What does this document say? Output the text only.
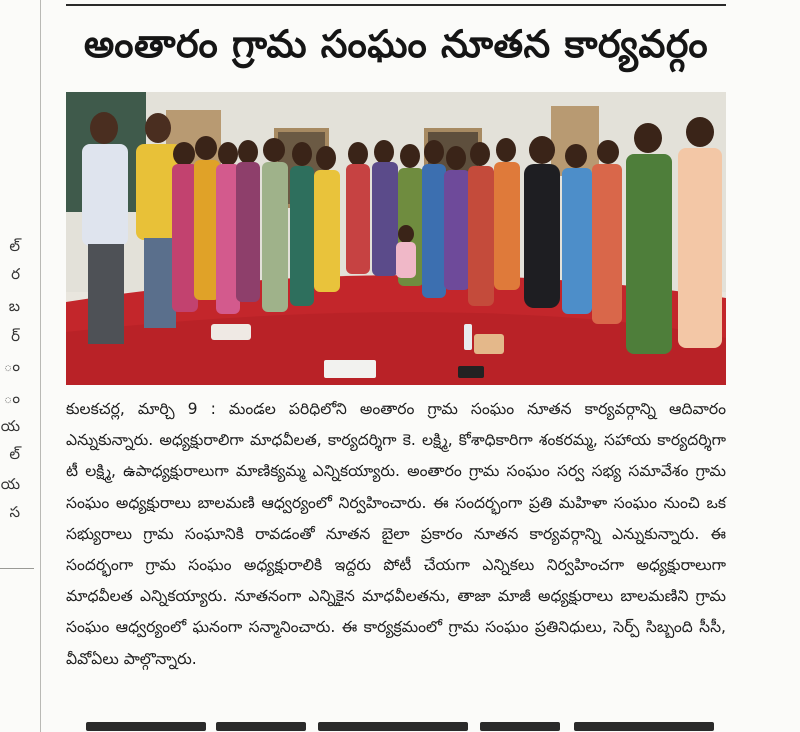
ల్
ర
బ
ర్
ం
ం
య
ల్
య
స
అంతారం గ్రామ సంఘం నూతన కార్యవర్గం

కులకచర్ల, మార్చి 9 : మండల పరిధిలోని అంతారం గ్రామ సంఘం నూతన కార్యవర్గాన్ని ఆదివారం ఎన్నుకున్నారు. అధ్యక్షురాలిగా మాధవీలత, కార్యదర్శిగా కె. లక్ష్మి, కోశాధికారిగా శంకరమ్మ, సహాయ కార్యదర్శిగా టీ లక్ష్మి, ఉపాధ్యక్షురాలుగా మాణిక్యమ్మ ఎన్నికయ్యారు. అంతారం గ్రామ సంఘం సర్వ సభ్య సమావేశం గ్రామ సంఘం అధ్యక్షురాలు బాలమణి ఆధ్వర్యంలో నిర్వహించారు. ఈ సందర్భంగా ప్రతి మహిళా సంఘం నుంచి ఒక సభ్యురాలు గ్రామ సంఘానికి రావడంతో నూతన బైలా ప్రకారం నూతన కార్యవర్గాన్ని ఎన్నుకున్నారు. ఈ సందర్భంగా గ్రామ సంఘం అధ్యక్షురాలికి ఇద్దరు పోటీ చేయగా ఎన్నికలు నిర్వహించగా అధ్యక్షురాలుగా మాధవీలత ఎన్నికయ్యారు. నూతనంగా ఎన్నికైన మాధవీలతను, తాజా మాజీ అధ్యక్షురాలు బాలమణిని గ్రామ సంఘం ఆధ్వర్యంలో ఘనంగా సన్మానించారు. ఈ కార్యక్రమంలో గ్రామ సంఘం ప్రతినిధులు, సెర్ప్ సిబ్బంది సీసీ, వీవోఏలు పాల్గొన్నారు.
